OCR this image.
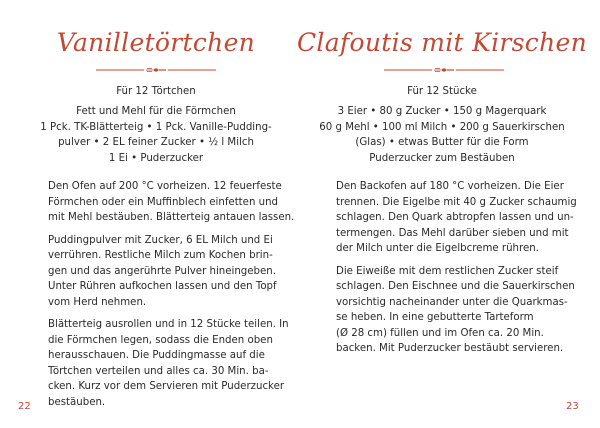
Vanilletörtchen
Für 12 Törtchen
Fett und Mehl für die Förmchen
1 Pck. TK-Blätterteig • 1 Pck. Vanille-Pudding-
pulver • 2 EL feiner Zucker • ½ l Milch
1 Ei • Puderzucker

Den Ofen auf 200 °C vorheizen. 12 feuerfeste
Förmchen oder ein Muffinblech einfetten und
mit Mehl bestäuben. Blätterteig antauen lassen.

Puddingpulver mit Zucker, 6 EL Milch und Ei
verrühren. Restliche Milch zum Kochen brin-
gen und das angerührte Pulver hineingeben.
Unter Rühren aufkochen lassen und den Topf
vom Herd nehmen.

Blätterteig ausrollen und in 12 Stücke teilen. In
die Förmchen legen, sodass die Enden oben
herausschauen. Die Puddingmasse auf die
Törtchen verteilen und alles ca. 30 Min. ba-
cken. Kurz vor dem Servieren mit Puderzucker
bestäuben.

22
Clafoutis mit Kirschen
Für 12 Stücke
3 Eier • 80 g Zucker • 150 g Magerquark
60 g Mehl • 100 ml Milch • 200 g Sauerkirschen
(Glas) • etwas Butter für die Form
Puderzucker zum Bestäuben

Den Backofen auf 180 °C vorheizen. Die Eier
trennen. Die Eigelbe mit 40 g Zucker schaumig
schlagen. Den Quark abtropfen lassen und un-
termengen. Das Mehl darüber sieben und mit
der Milch unter die Eigelbcreme rühren.

Die Eiweiße mit dem restlichen Zucker steif
schlagen. Den Eischnee und die Sauerkirschen
vorsichtig nacheinander unter die Quarkmas-
se heben. In eine gebutterte Tarteform
(Ø 28 cm) füllen und im Ofen ca. 20 Min.
backen. Mit Puderzucker bestäubt servieren.

23
